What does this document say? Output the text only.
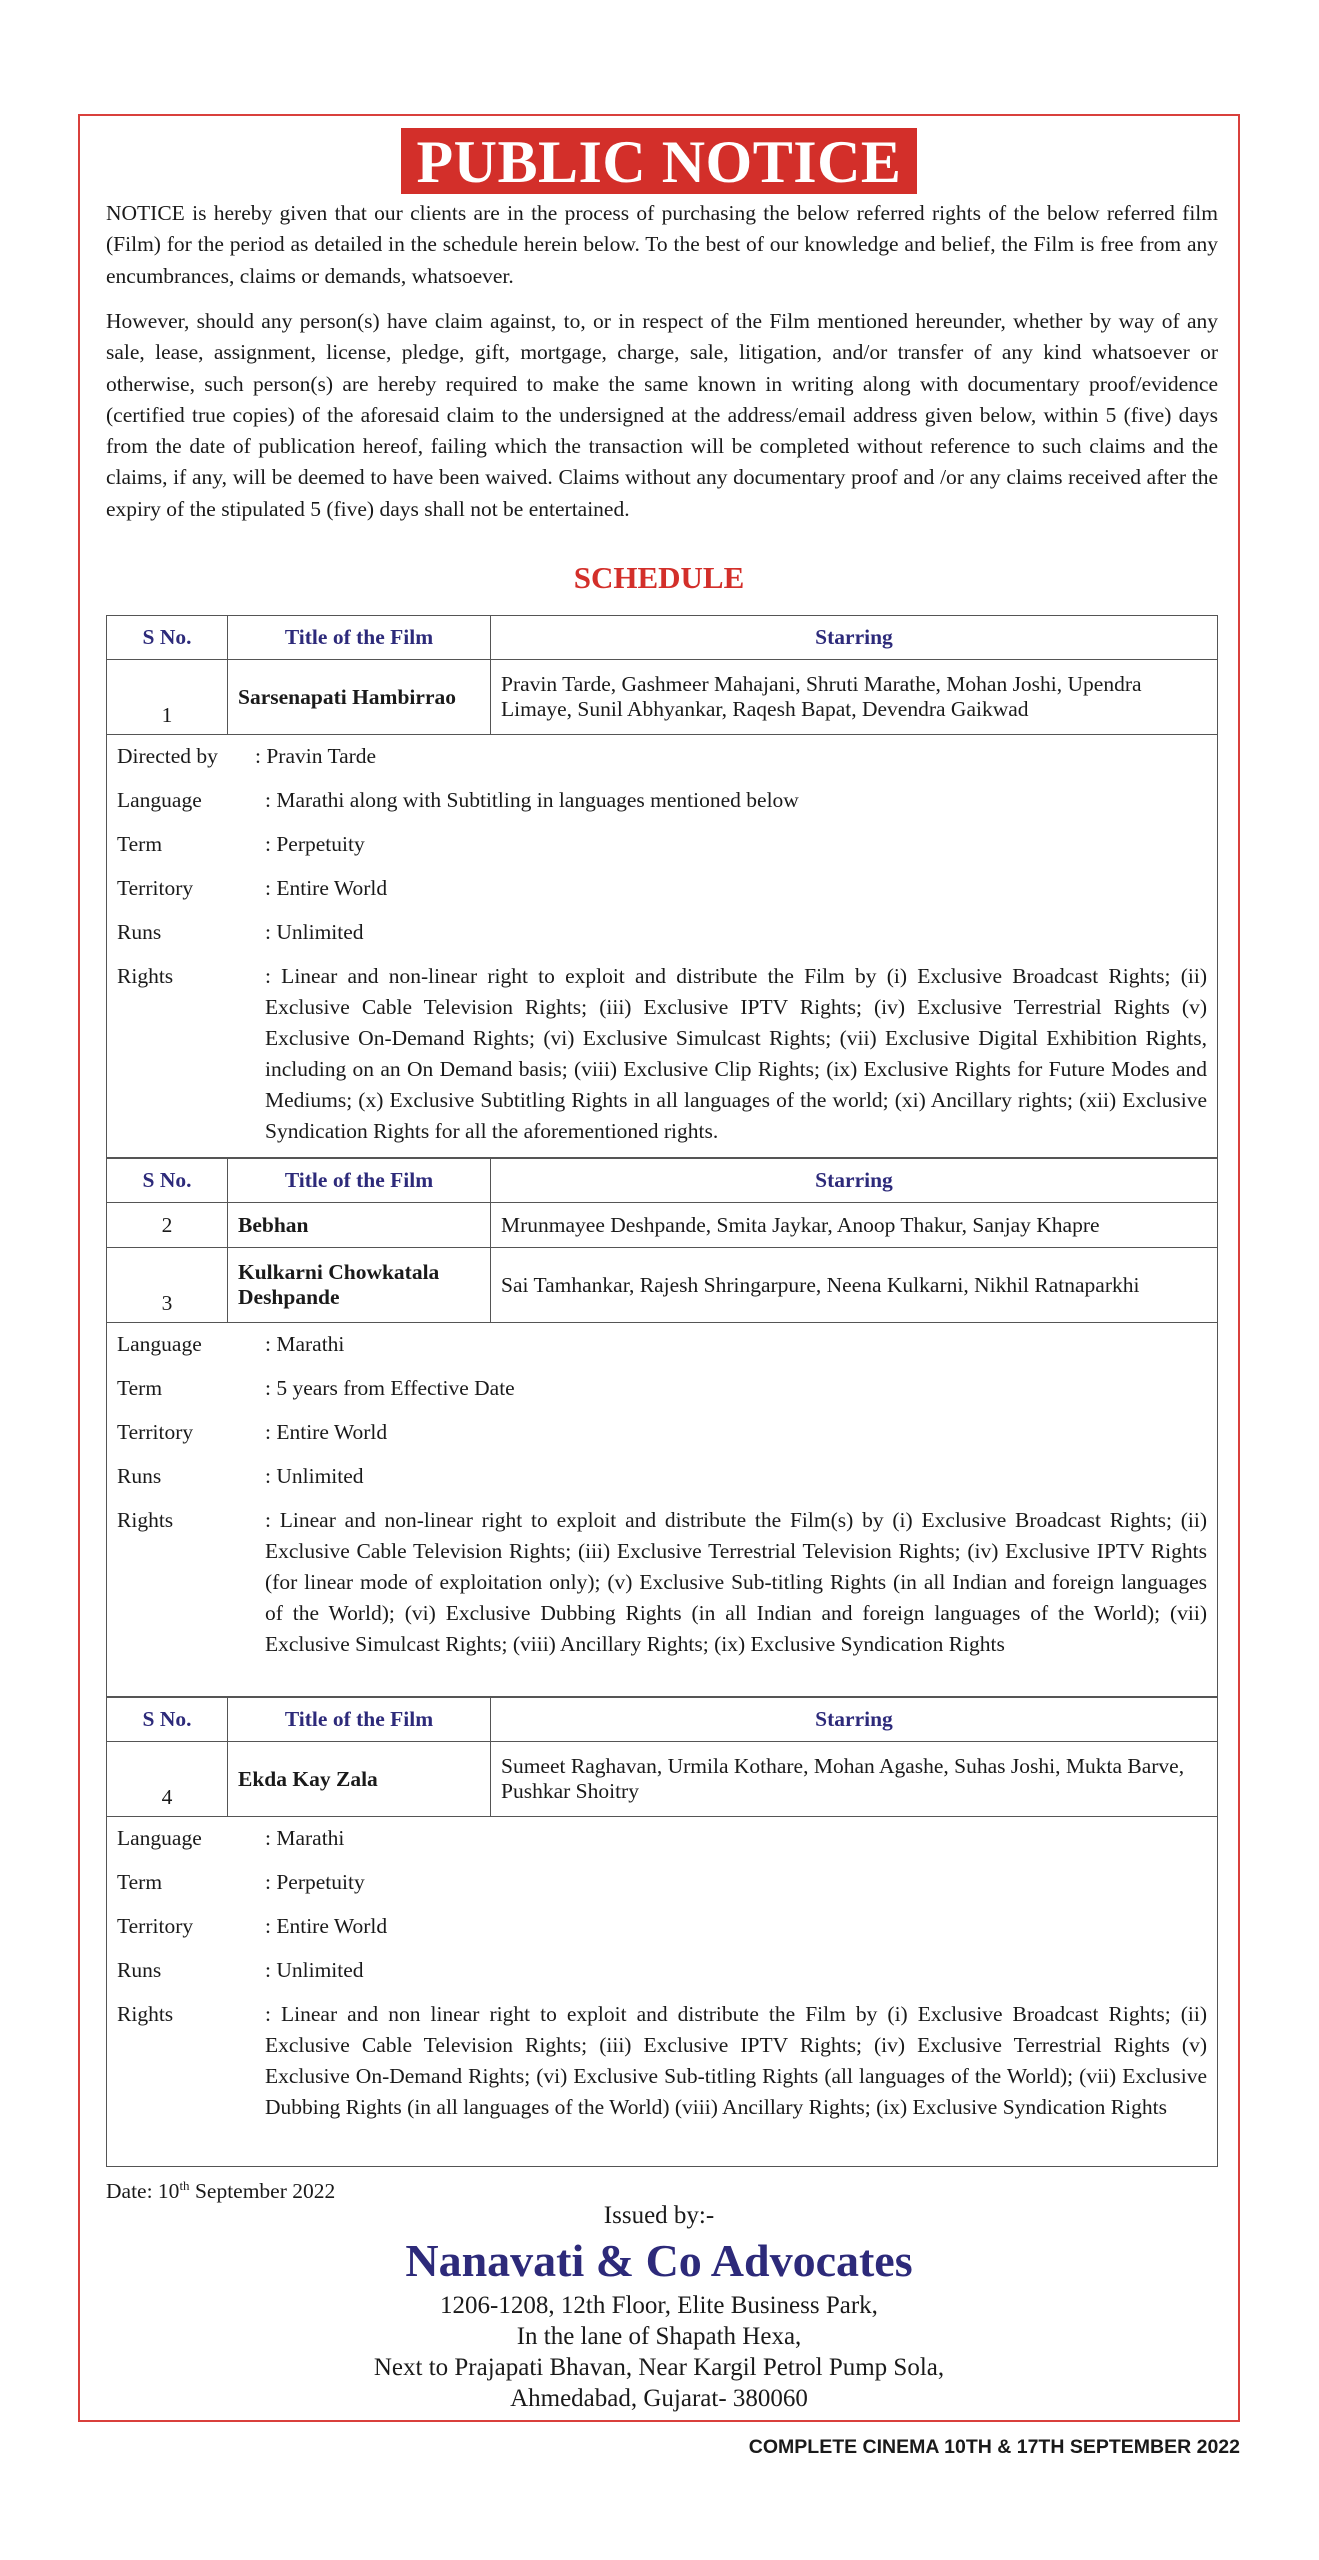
PUBLIC NOTICE

NOTICE is hereby given that our clients are in the process of purchasing the below referred rights of the below referred film (Film) for the period as detailed in the schedule herein below. To the best of our knowledge and belief, the Film is free from any encumbrances, claims or demands, whatsoever.

However, should any person(s) have claim against, to, or in respect of the Film mentioned hereunder, whether by way of any sale, lease, assignment, license, pledge, gift, mortgage, charge, sale, litigation, and/or transfer of any kind whatsoever or otherwise, such person(s) are hereby required to make the same known in writing along with documentary proof/evidence (certified true copies) of the aforesaid claim to the undersigned at the address/email address given below, within 5 (five) days from the date of publication hereof, failing which the transaction will be completed without reference to such claims and the claims, if any, will be deemed to have been waived. Claims without any documentary proof and /or any claims received after the expiry of the stipulated 5 (five) days shall not be entertained.

SCHEDULE
S No.	Title of the Film	Starring
1	Sarsenapati Hambirrao	Pravin Tarde, Gashmeer Mahajani, Shruti Marathe, Mohan Joshi, Upendra Limaye, Sunil Abhyankar, Raqesh Bapat, Devendra Gaikwad
Directed by : Pravin Tarde
Language	: Marathi along with Subtitling in languages mentioned below
Term	: Perpetuity
Territory	: Entire World
Runs	: Unlimited
Rights	: Linear and non-linear right to exploit and distribute the Film by (i) Exclusive Broadcast Rights; (ii) Exclusive Cable Television Rights; (iii) Exclusive IPTV Rights; (iv) Exclusive Terrestrial Rights (v) Exclusive On-Demand Rights; (vi) Exclusive Simulcast Rights; (vii) Exclusive Digital Exhibition Rights, including on an On Demand basis; (viii) Exclusive Clip Rights; (ix) Exclusive Rights for Future Modes and Mediums; (x) Exclusive Subtitling Rights in all languages of the world; (xi) Ancillary rights; (xii) Exclusive Syndication Rights for all the aforementioned rights.
S No.	Title of the Film	Starring
2	Bebhan	Mrunmayee Deshpande, Smita Jaykar, Anoop Thakur, Sanjay Khapre
3	Kulkarni Chowkatala Deshpande	Sai Tamhankar, Rajesh Shringarpure, Neena Kulkarni, Nikhil Ratnaparkhi
Language	: Marathi
Term	: 5 years from Effective Date
Territory	: Entire World
Runs	: Unlimited
Rights	: Linear and non-linear right to exploit and distribute the Film(s) by (i) Exclusive Broadcast Rights; (ii) Exclusive Cable Television Rights; (iii) Exclusive Terrestrial Television Rights; (iv) Exclusive IPTV Rights (for linear mode of exploitation only); (v) Exclusive Sub-titling Rights (in all Indian and foreign languages of the World); (vi) Exclusive Dubbing Rights (in all Indian and foreign languages of the World); (vii) Exclusive Simulcast Rights; (viii) Ancillary Rights; (ix) Exclusive Syndication Rights
S No.	Title of the Film	Starring
4	Ekda Kay Zala	Sumeet Raghavan, Urmila Kothare, Mohan Agashe, Suhas Joshi, Mukta Barve, Pushkar Shoitry
Language	: Marathi
Term	: Perpetuity
Territory	: Entire World
Runs	: Unlimited
Rights	: Linear and non linear right to exploit and distribute the Film by (i) Exclusive Broadcast Rights; (ii) Exclusive Cable Television Rights; (iii) Exclusive IPTV Rights; (iv) Exclusive Terrestrial Rights (v) Exclusive On-Demand Rights; (vi) Exclusive Sub-titling Rights (all languages of the World); (vii) Exclusive Dubbing Rights (in all languages of the World) (viii) Ancillary Rights; (ix) Exclusive Syndication Rights
Date: 10th September 2022
Issued by:-
Nanavati & Co Advocates
1206-1208, 12th Floor, Elite Business Park,
In the lane of Shapath Hexa,
Next to Prajapati Bhavan, Near Kargil Petrol Pump Sola,
Ahmedabad, Gujarat- 380060
COMPLETE CINEMA 10TH & 17TH SEPTEMBER 2022
